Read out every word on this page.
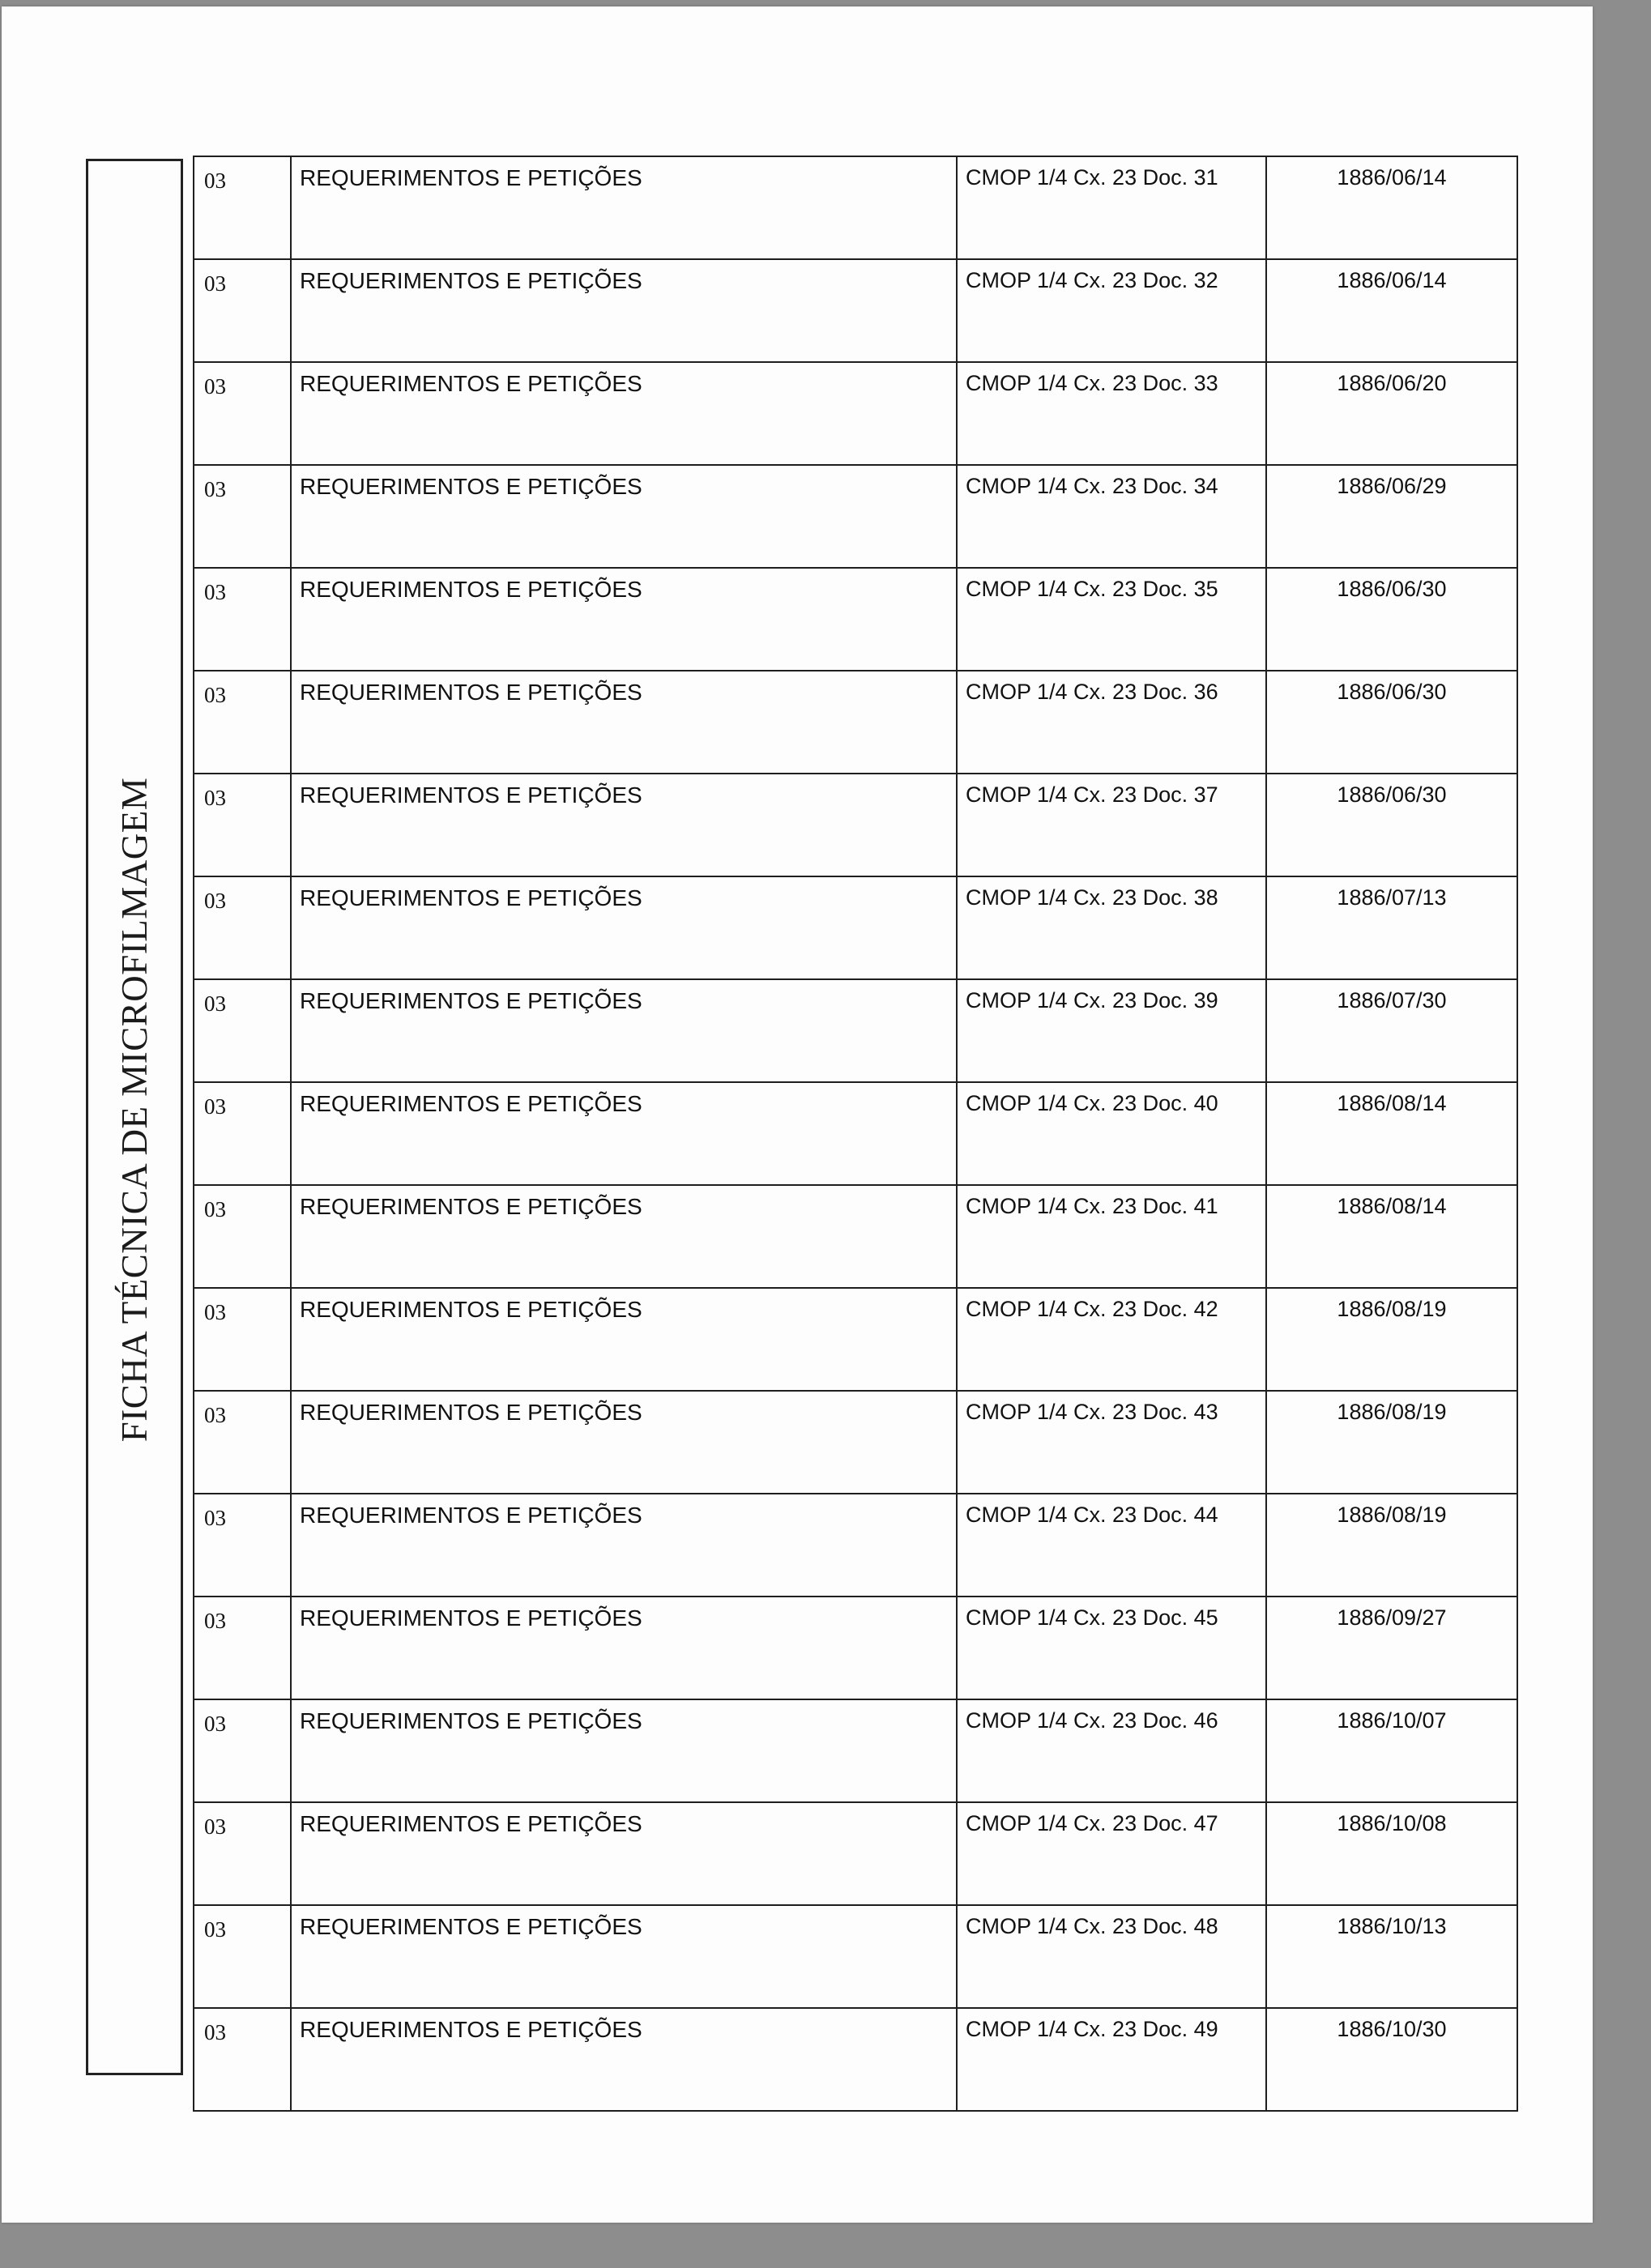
FICHA TÉCNICA DE MICROFILMAGEM
03	REQUERIMENTOS E PETIÇÕES	CMOP 1/4 Cx. 23 Doc. 31	1886/06/14
03	REQUERIMENTOS E PETIÇÕES	CMOP 1/4 Cx. 23 Doc. 32	1886/06/14
03	REQUERIMENTOS E PETIÇÕES	CMOP 1/4 Cx. 23 Doc. 33	1886/06/20
03	REQUERIMENTOS E PETIÇÕES	CMOP 1/4 Cx. 23 Doc. 34	1886/06/29
03	REQUERIMENTOS E PETIÇÕES	CMOP 1/4 Cx. 23 Doc. 35	1886/06/30
03	REQUERIMENTOS E PETIÇÕES	CMOP 1/4 Cx. 23 Doc. 36	1886/06/30
03	REQUERIMENTOS E PETIÇÕES	CMOP 1/4 Cx. 23 Doc. 37	1886/06/30
03	REQUERIMENTOS E PETIÇÕES	CMOP 1/4 Cx. 23 Doc. 38	1886/07/13
03	REQUERIMENTOS E PETIÇÕES	CMOP 1/4 Cx. 23 Doc. 39	1886/07/30
03	REQUERIMENTOS E PETIÇÕES	CMOP 1/4 Cx. 23 Doc. 40	1886/08/14
03	REQUERIMENTOS E PETIÇÕES	CMOP 1/4 Cx. 23 Doc. 41	1886/08/14
03	REQUERIMENTOS E PETIÇÕES	CMOP 1/4 Cx. 23 Doc. 42	1886/08/19
03	REQUERIMENTOS E PETIÇÕES	CMOP 1/4 Cx. 23 Doc. 43	1886/08/19
03	REQUERIMENTOS E PETIÇÕES	CMOP 1/4 Cx. 23 Doc. 44	1886/08/19
03	REQUERIMENTOS E PETIÇÕES	CMOP 1/4 Cx. 23 Doc. 45	1886/09/27
03	REQUERIMENTOS E PETIÇÕES	CMOP 1/4 Cx. 23 Doc. 46	1886/10/07
03	REQUERIMENTOS E PETIÇÕES	CMOP 1/4 Cx. 23 Doc. 47	1886/10/08
03	REQUERIMENTOS E PETIÇÕES	CMOP 1/4 Cx. 23 Doc. 48	1886/10/13
03	REQUERIMENTOS E PETIÇÕES	CMOP 1/4 Cx. 23 Doc. 49	1886/10/30
